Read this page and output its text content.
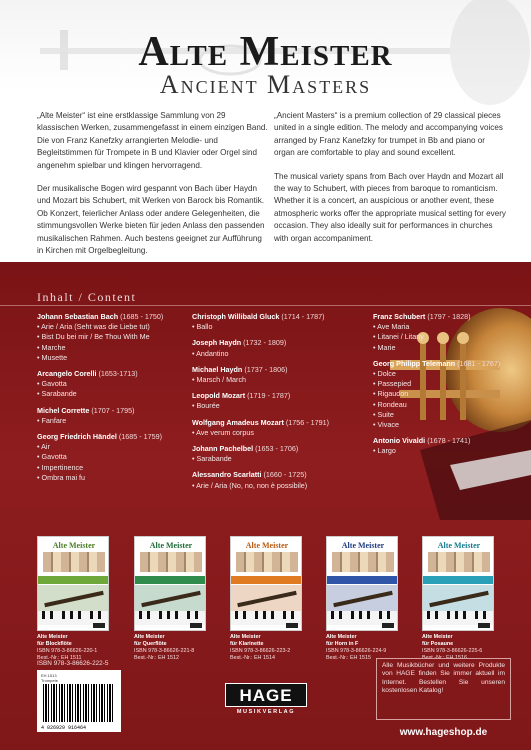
Alte Meister
Ancient Masters

„Alte Meister“ ist eine erstklassige Sammlung von 29 klassischen Werken, zusammengefasst in einem einzigen Band. Die von Franz Kanefzky arrangierten Melodie- und Begleitstimmen für Trompete in B und Klavier oder Orgel sind angenehm spielbar und klingen hervorragend.

Der musikalische Bogen wird gespannt von Bach über Haydn und Mozart bis Schubert, mit Werken von Barock bis Romantik. Ob Konzert, feierlicher Anlass oder andere Gelegenheiten, die stimmungsvollen Werke bieten für jeden Anlass den passenden musikalischen Rahmen. Auch bestens geeignet zur Aufführung in Kirchen mit Orgelbegleitung.

„Ancient Masters“ is a premium collection of 29 classical pieces united in a single edition. The melody and accompanying voices arranged by Franz Kanefzky for trumpet in Bb and piano or organ are comfortable to play and sound excellent.

The musical variety spans from Bach over Haydn and Mozart all the way to Schubert, with pieces from baroque to romanticism. Whether it is a concert, an auspicious or another event, these atmospheric works offer the appropriate musical setting for every occasion. They also ideally suit for performances in churches with organ accompaniment.

Inhalt / Content
Johann Sebastian Bach (1685 - 1750)
• Arie / Aria (Seht was die Liebe tut)
• Bist Du bei mir / Be Thou With Me
• Marche
• Musette
Arcangelo Corelli (1653-1713)
• Gavotta
• Sarabande
Michel Corrette (1707 - 1795)
• Fanfare
Georg Friedrich Händel (1685 - 1759)
• Air
• Gavotta
• Impertinence
• Ombra mai fu
Christoph Willibald Gluck (1714 - 1787)
• Ballo
Joseph Haydn (1732 - 1809)
• Andantino
Michael Haydn (1737 - 1806)
• Marsch / March
Leopold Mozart (1719 - 1787)
• Bourée
Wolfgang Amadeus Mozart (1756 - 1791)
• Ave verum corpus
Johann Pachelbel (1653 - 1706)
• Sarabande
Alessandro Scarlatti (1660 - 1725)
• Arie / Aria (No, no, non è possibile)
Franz Schubert (1797 - 1828)
• Ave Maria
• Litanei / Litany
• Marie
Georg Philipp Telemann (1681 - 1767)
• Dolce
• Passepied
• Rigaudon
• Rondeau
• Suite
• Vivace
Antonio Vivaldi (1678 - 1741)
• Largo
Alte Meister
Alte Meister
für Blockflöte
ISBN 978-3-86626-220-1
Best.-Nr.: EH 1511
Alte Meister
Alte Meister
für Querflöte
ISBN 978-3-86626-221-8
Best.-Nr.: EH 1512
Alte Meister
Alte Meister
für Klarinette
ISBN 978-3-86626-223-2
Best.-Nr.: EH 1514
Alte Meister
Alte Meister
für Horn in F
ISBN 978-3-86626-224-9
Best.-Nr.: EH 1515
Alte Meister
Alte Meister
für Posaune
ISBN 978-3-86626-225-6
Best.-Nr.: EH 1516
ISBN 978-3-86626-222-5
EH 1513
Trompete
4 026929 916464
HAGE
MUSIKVERLAG
Alle Musikbücher und weitere Produkte von HAGE finden Sie immer aktuell im Internet. Bestellen Sie unseren kostenlosen Katalog!
www.hageshop.de
